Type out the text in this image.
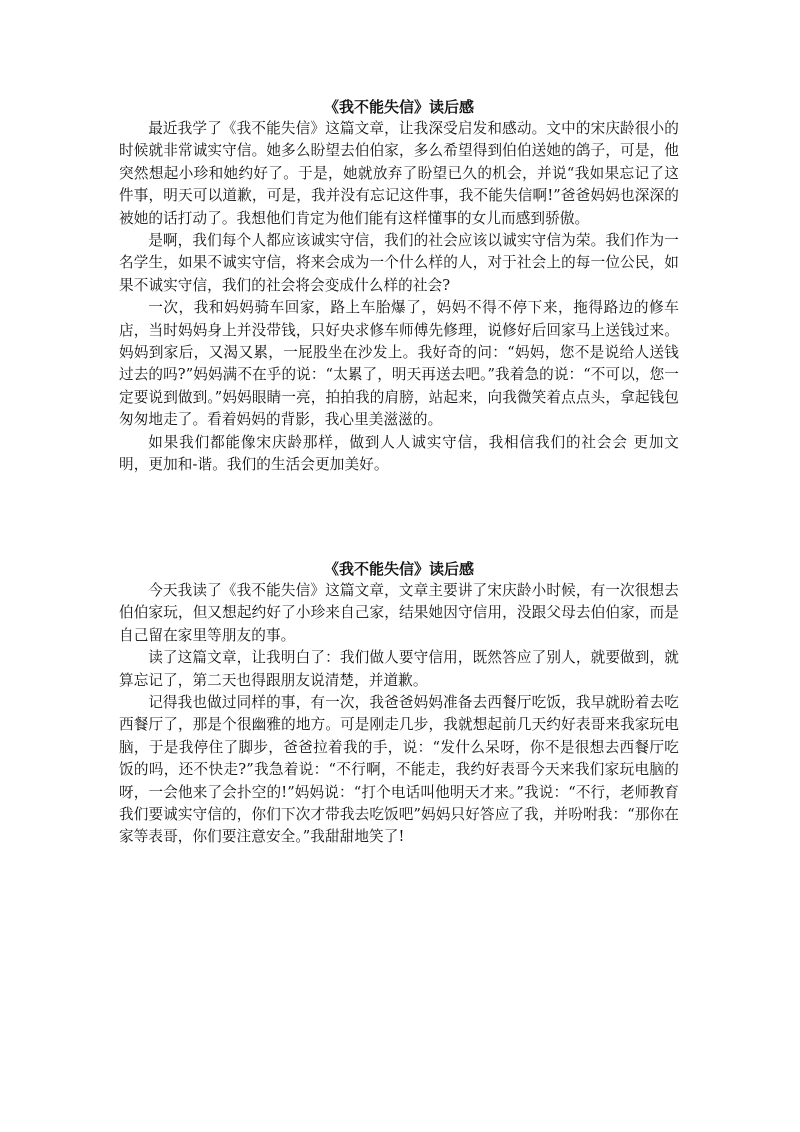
《我不能失信》读后感

最近我学了《我不能失信》这篇文章，让我深受启发和感动。文中的宋庆龄很小的时候就非常诚实守信。她多么盼望去伯伯家，多么希望得到伯伯送她的鸽子，可是，他突然想起小珍和她约好了。于是，她就放弃了盼望已久的机会，并说“我如果忘记了这件事，明天可以道歉，可是，我并没有忘记这件事，我不能失信啊!”爸爸妈妈也深深的被她的话打动了。我想他们肯定为他们能有这样懂事的女儿而感到骄傲。

是啊，我们每个人都应该诚实守信，我们的社会应该以诚实守信为荣。我们作为一名学生，如果不诚实守信，将来会成为一个什么样的人，对于社会上的每一位公民，如果不诚实守信，我们的社会将会变成什么样的社会?

一次，我和妈妈骑车回家，路上车胎爆了，妈妈不得不停下来，拖得路边的修车店，当时妈妈身上并没带钱，只好央求修车师傅先修理，说修好后回家马上送钱过来。妈妈到家后，又渴又累，一屁股坐在沙发上。我好奇的问：“妈妈，您不是说给人送钱过去的吗?”妈妈满不在乎的说：“太累了，明天再送去吧。”我着急的说：“不可以，您一定要说到做到。”妈妈眼睛一亮，拍拍我的肩膀，站起来，向我微笑着点点头，拿起钱包匆匆地走了。看着妈妈的背影，我心里美滋滋的。

如果我们都能像宋庆龄那样，做到人人诚实守信，我相信我们的社会会 更加文明，更加和-谐。我们的生活会更加美好。

《我不能失信》读后感

今天我读了《我不能失信》这篇文章，文章主要讲了宋庆龄小时候，有一次很想去伯伯家玩，但又想起约好了小珍来自己家，结果她因守信用，没跟父母去伯伯家，而是自己留在家里等朋友的事。

读了这篇文章，让我明白了：我们做人要守信用，既然答应了别人，就要做到，就算忘记了，第二天也得跟朋友说清楚，并道歉。

记得我也做过同样的事，有一次，我爸爸妈妈准备去西餐厅吃饭，我早就盼着去吃西餐厅了，那是个很幽雅的地方。可是刚走几步，我就想起前几天约好表哥来我家玩电脑，于是我停住了脚步，爸爸拉着我的手，说：“发什么呆呀，你不是很想去西餐厅吃饭的吗，还不快走?”我急着说：“不行啊，不能走，我约好表哥今天来我们家玩电脑的呀，一会他来了会扑空的!”妈妈说：“打个电话叫他明天才来。”我说：“不行，老师教育我们要诚实守信的，你们下次才带我去吃饭吧”妈妈只好答应了我，并吩咐我：“那你在家等表哥，你们要注意安全。”我甜甜地笑了!
